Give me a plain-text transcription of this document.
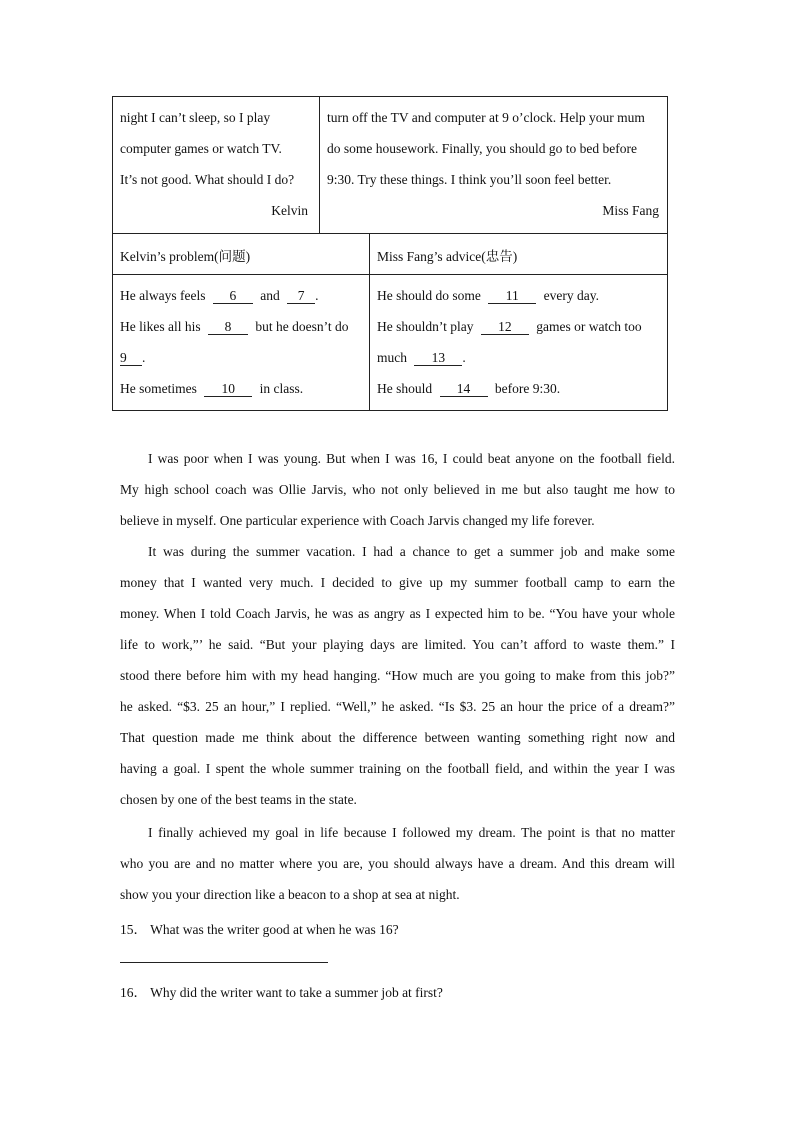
night I can’t sleep, so I play
computer games or watch TV.
It’s not good. What should I do?
Kelvin
turn off the TV and computer at 9 o’clock. Help your mum
do some housework. Finally, you should go to bed before
9:30. Try these things. I think you’ll soon feel better.
Miss Fang
Kelvin’s problem(问题)	Miss Fang’s advice(忠告)
He always feels 6 and 7 .
He likes all his 8 but he doesn’t do
9 .
He sometimes 10 in class.
He should do some 11 every day.
He shouldn’t play 12 games or watch too
much 13 .
He should 14 before 9:30.
I was poor when I was young. But when I was 16, I could beat anyone on the football field.
My high school coach was Ollie Jarvis, who not only believed in me but also taught me how to
believe in myself. One particular experience with Coach Jarvis changed my life forever.
It was during the summer vacation. I had a chance to get a summer job and make some
money that I wanted very much. I decided to give up my summer football camp to earn the
money. When I told Coach Jarvis, he was as angry as I expected him to be. “You have your whole
life to work,”’ he said. “But your playing days are limited. You can’t afford to waste them.” I
stood there before him with my head hanging. “How much are you going to make from this job?”
he asked. “$3. 25 an hour,” I replied. “Well,” he asked. “Is $3. 25 an hour the price of a dream?”
That question made me think about the difference between wanting something right now and
having a goal. I spent the whole summer training on the football field, and within the year I was
chosen by one of the best teams in the state.
I finally achieved my goal in life because I followed my dream. The point is that no matter
who you are and no matter where you are, you should always have a dream. And this dream will
show you your direction like a beacon to a shop at sea at night.
15． What was the writer good at when he was 16?
16． Why did the writer want to take a summer job at first?
